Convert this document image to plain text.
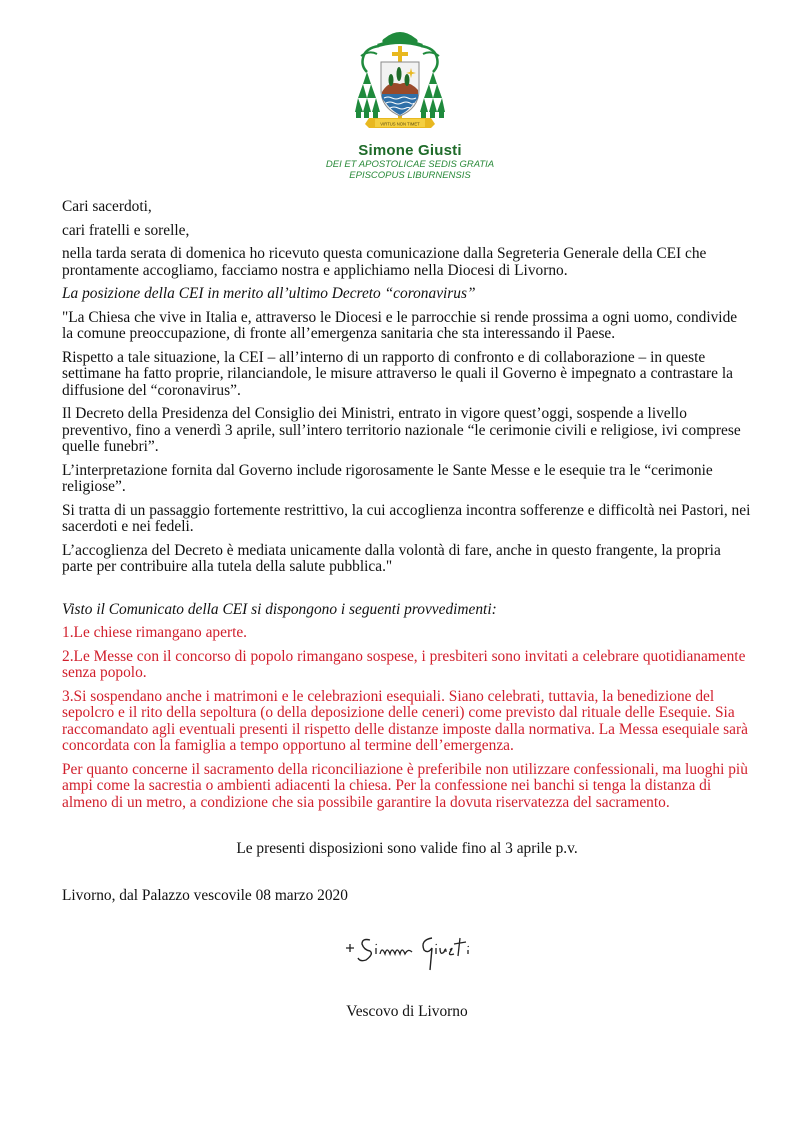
VIRTUS NON TIMET
Simone Giusti
DEI ET APOSTOLICAE SEDIS GRATIA
EPISCOPUS LIBURNENSIS

Cari sacerdoti,

cari fratelli e sorelle,

nella tarda serata di domenica ho ricevuto questa comunicazione dalla Segreteria Generale della CEI che prontamente accogliamo, facciamo nostra e applichiamo nella Diocesi di Livorno.

La posizione della CEI in merito all’ultimo Decreto “coronavirus”

"La Chiesa che vive in Italia e, attraverso le Diocesi e le parrocchie si rende prossima a ogni uomo, condivide la comune preoccupazione, di fronte all’emergenza sanitaria che sta interessando il Paese.

Rispetto a tale situazione, la CEI – all’interno di un rapporto di confronto e di collaborazione – in queste settimane ha fatto proprie, rilanciandole, le misure attraverso le quali il Governo è impegnato a contrastare la diffusione del “coronavirus”.

Il Decreto della Presidenza del Consiglio dei Ministri, entrato in vigore quest’oggi, sospende a livello preventivo, fino a venerdì 3 aprile, sull’intero territorio nazionale “le cerimonie civili e religiose, ivi comprese quelle funebri”.

L’interpretazione fornita dal Governo include rigorosamente le Sante Messe e le esequie tra le “cerimonie religiose”.

Si tratta di un passaggio fortemente restrittivo, la cui accoglienza incontra sofferenze e difficoltà nei Pastori, nei sacerdoti e nei fedeli.

L’accoglienza del Decreto è mediata unicamente dalla volontà di fare, anche in questo frangente, la propria parte per contribuire alla tutela della salute pubblica."

Visto il Comunicato della CEI si dispongono i seguenti provvedimenti:

1.Le chiese rimangano aperte.

2.Le Messe con il concorso di popolo rimangano sospese, i presbiteri sono invitati a celebrare quotidianamente senza popolo.

3.Si sospendano anche i matrimoni e le celebrazioni esequiali. Siano celebrati, tuttavia, la benedizione del sepolcro e il rito della sepoltura (o della deposizione delle ceneri) come previsto dal rituale delle Esequie. Sia raccomandato agli eventuali presenti il rispetto delle distanze imposte dalla normativa. La Messa esequiale sarà concordata con la famiglia a tempo opportuno al termine dell’emergenza.

Per quanto concerne il sacramento della riconciliazione è preferibile non utilizzare confessionali, ma luoghi più ampi come la sacrestia o ambienti adiacenti la chiesa. Per la confessione nei banchi si tenga la distanza di almeno di un metro, a condizione che sia possibile garantire la dovuta riservatezza del sacramento.

Le presenti disposizioni sono valide fino al 3 aprile p.v.

Livorno, dal Palazzo vescovile 08 marzo 2020

Vescovo di Livorno
